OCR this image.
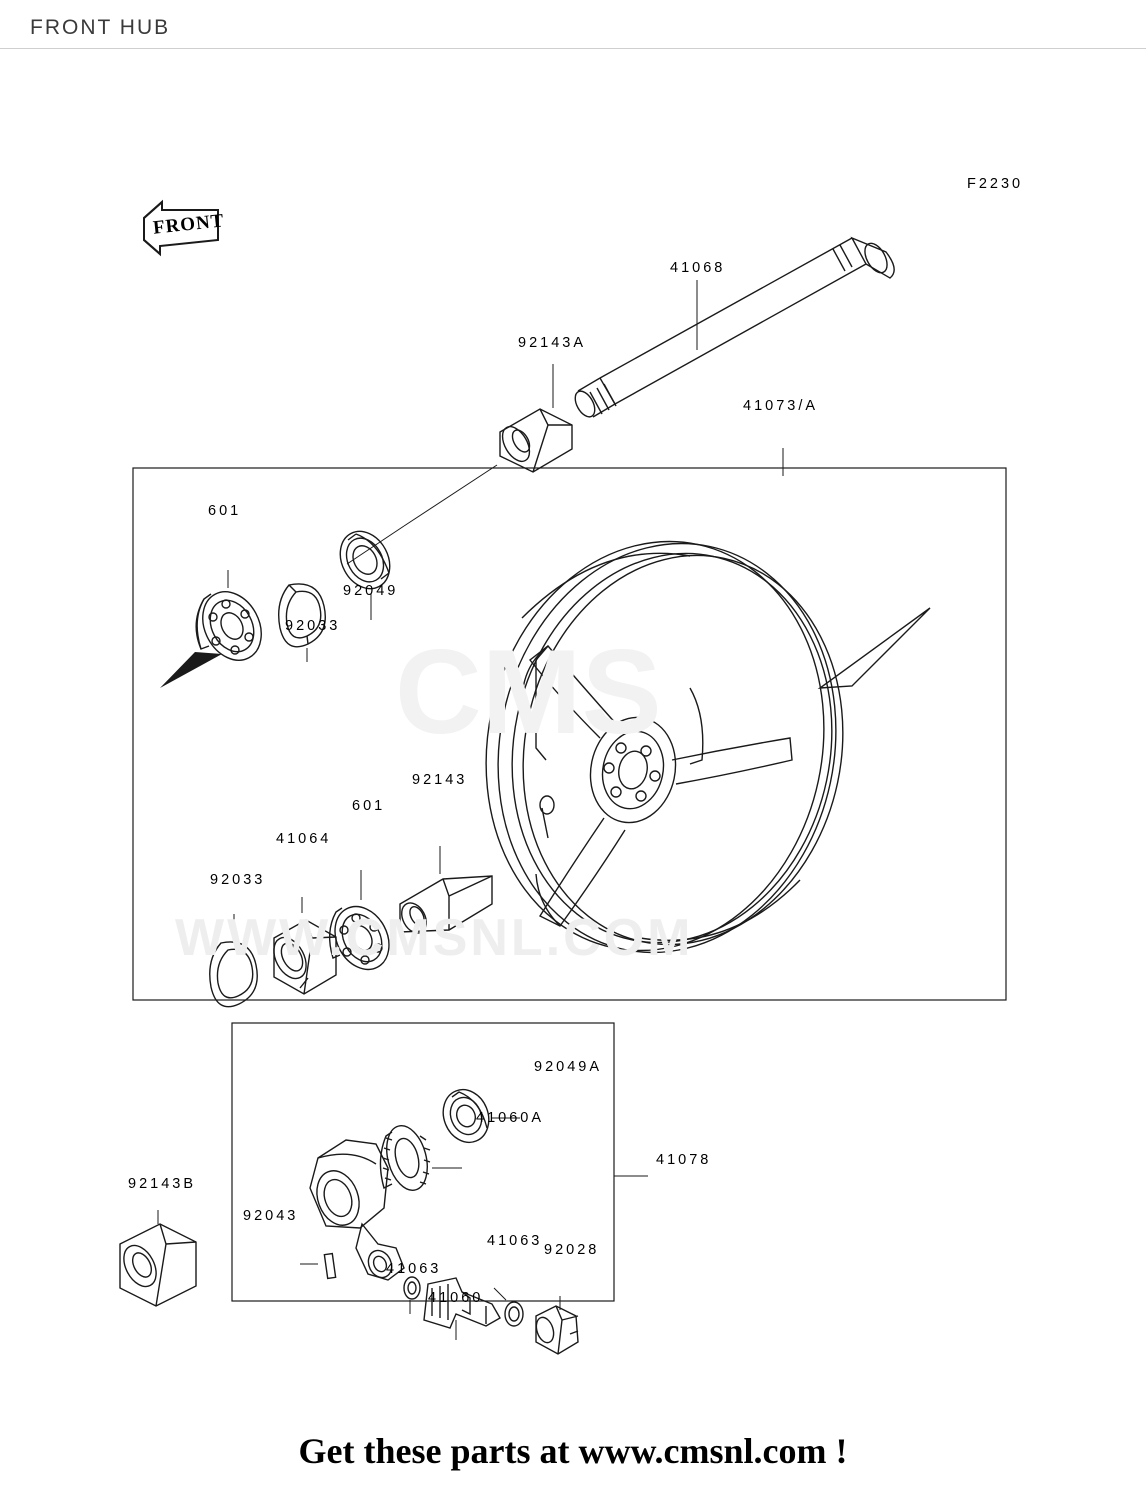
FRONT HUB
FRONT
CMS
WWW.CMSNL.COM
F2230
41068
92143A
41073/A
601
92033
92049
92143
601
41064
92033
92049A
41060A
41078
92143B
92043
41063
41063
41060
92028
Get these parts at www.cmsnl.com !
